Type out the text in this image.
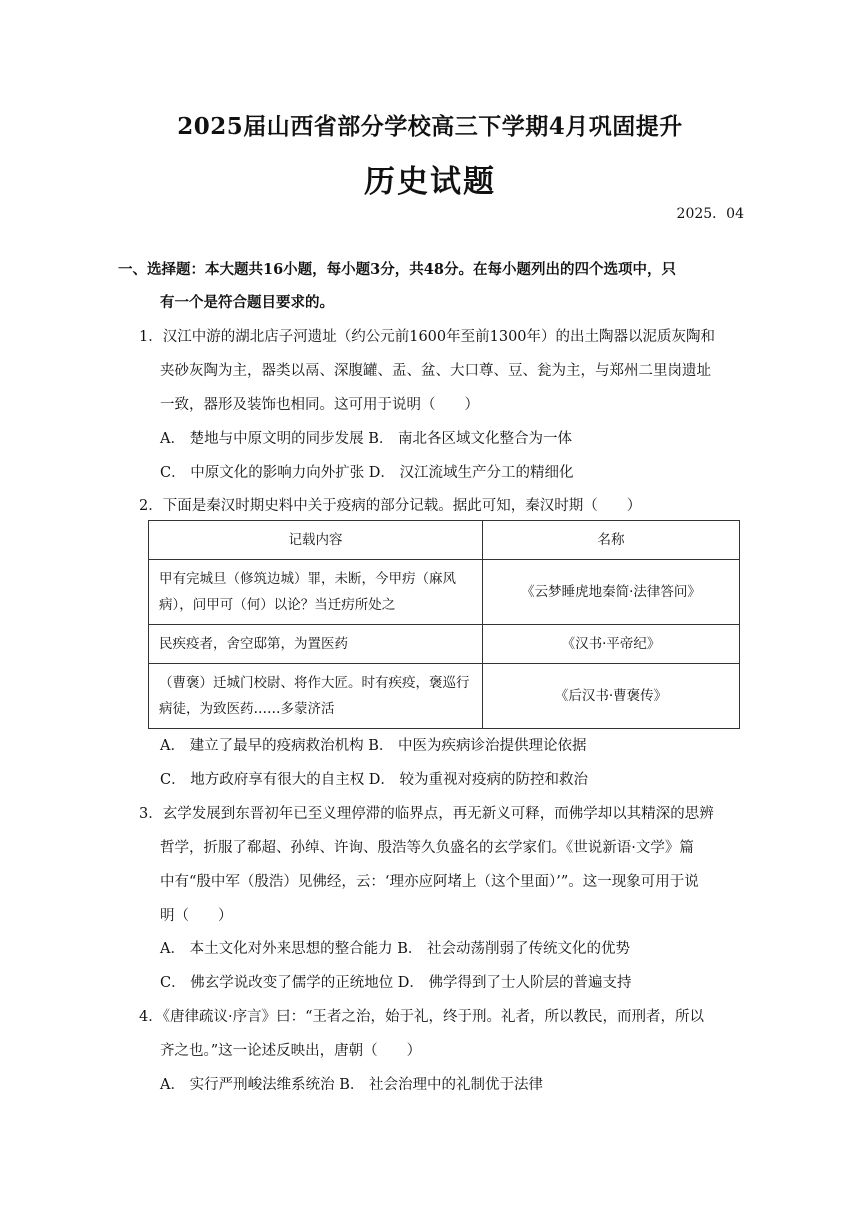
2025届山西省部分学校高三下学期4月巩固提升
历史试题
2025．04
一、选择题：本大题共16小题，每小题3分，共48分。在每小题列出的四个选项中，只
有一个是符合题目要求的。
1．汉江中游的湖北店子河遗址（约公元前1600年至前1300年）的出土陶器以泥质灰陶和
夹砂灰陶为主，器类以鬲、深腹罐、盂、盆、大口尊、豆、瓮为主，与郑州二里岗遗址
一致，器形及装饰也相同。这可用于说明（　　）
A． 楚地与中原文明的同步发展 B． 南北各区域文化整合为一体
C． 中原文化的影响力向外扩张 D． 汉江流域生产分工的精细化
2．下面是秦汉时期史料中关于疫病的部分记载。据此可知，秦汉时期（　　）
记载内容	名称

甲有完城旦（修筑边城）罪，未断，今甲疠（麻风病），问甲可（何）以论？当迁疠所处之	《云梦睡虎地秦简·法律答问》

民疾疫者，舍空邸第，为置医药	《汉书·平帝纪》

（曹褒）迁城门校尉、将作大匠。时有疾疫，褒巡行病徒，为致医药……多蒙济活	《后汉书·曹褒传》
A． 建立了最早的疫病救治机构 B． 中医为疾病诊治提供理论依据
C． 地方政府享有很大的自主权 D． 较为重视对疫病的防控和救治
3．玄学发展到东晋初年已至义理停滞的临界点，再无新义可释，而佛学却以其精深的思辨
哲学，折服了郗超、孙绰、许询、殷浩等久负盛名的玄学家们。《世说新语·文学》篇
中有“殷中军（殷浩）见佛经，云：‘理亦应阿堵上（这个里面）’”。这一现象可用于说
明（　　）
A． 本土文化对外来思想的整合能力 B． 社会动荡削弱了传统文化的优势
C． 佛玄学说改变了儒学的正统地位 D． 佛学得到了士人阶层的普遍支持
4．《唐律疏议·序言》曰：“王者之治，始于礼，终于刑。礼者，所以教民，而刑者，所以
齐之也。”这一论述反映出，唐朝（　　）
A． 实行严刑峻法维系统治 B． 社会治理中的礼制优于法律
